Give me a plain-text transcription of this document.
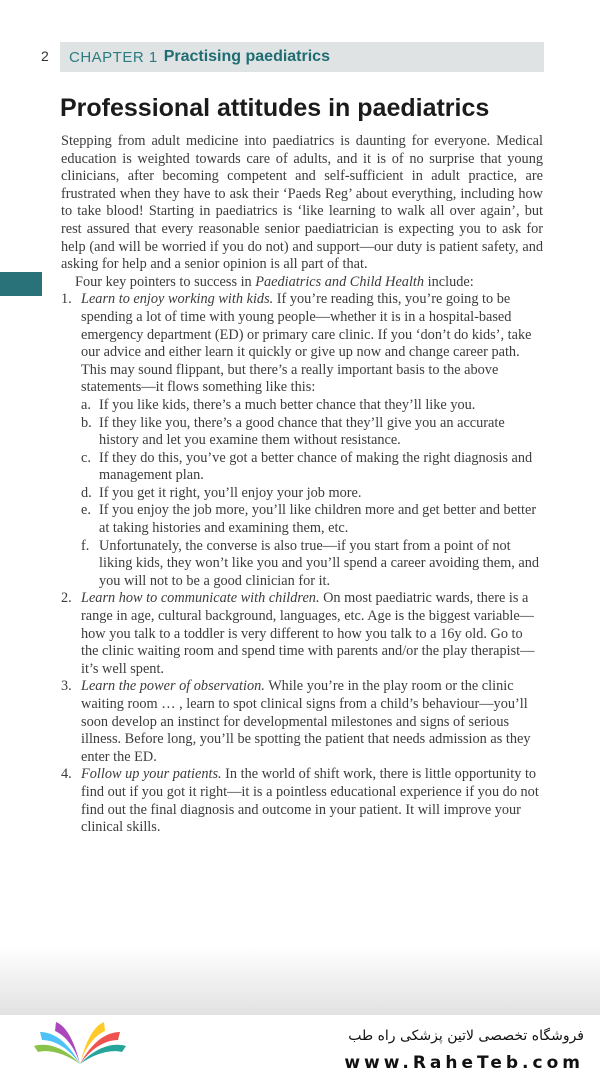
2 CHAPTER 1 Practising paediatrics
Professional attitudes in paediatrics

Stepping from adult medicine into paediatrics is daunting for everyone. Medical education is weighted towards care of adults, and it is of no surprise that young clinicians, after becoming competent and self-sufficient in adult practice, are frustrated when they have to ask their ‘Paeds Reg’ about everything, including how to take blood! Starting in paediatrics is ‘like learning to walk all over again’, but rest assured that every reasonable senior paediatrician is expecting you to ask for help (and will be worried if you do not) and support—our duty is patient safety, and asking for help and a senior opinion is all part of that.

Four key pointers to success in Paediatrics and Child Health include:

1. Learn to enjoy working with kids. If you’re reading this, you’re going to be spending a lot of time with young people—whether it is in a hospital-based emergency department (ED) or primary care clinic. If you ‘don’t do kids’, take our advice and either learn it quickly or give up now and change career path. This may sound flippant, but there’s a really important basis to the above statements—it flows something like this:
a. If you like kids, there’s a much better chance that they’ll like you.
b. If they like you, there’s a good chance that they’ll give you an accurate history and let you examine them without resistance.
c. If they do this, you’ve got a better chance of making the right diagnosis and management plan.
d. If you get it right, you’ll enjoy your job more.
e. If you enjoy the job more, you’ll like children more and get better and better at taking histories and examining them, etc.
f. Unfortunately, the converse is also true—if you start from a point of not liking kids, they won’t like you and you’ll spend a career avoiding them, and you will not to be a good clinician for it.
2. Learn how to communicate with children. On most paediatric wards, there is a range in age, cultural background, languages, etc. Age is the biggest variable—how you talk to a toddler is very different to how you talk to a 16y old. Go to the clinic waiting room and spend time with parents and/or the play therapist—it’s well spent.
3. Learn the power of observation. While you’re in the play room or the clinic waiting room … , learn to spot clinical signs from a child’s behaviour—you’ll soon develop an instinct for developmental milestones and signs of serious illness. Before long, you’ll be spotting the patient that needs admission as they enter the ED.
4. Follow up your patients. In the world of shift work, there is little opportunity to find out if you got it right—it is a pointless educational experience if you do not find out the final diagnosis and outcome in your patient. It will improve your clinical skills.
فروشگاه تخصصی لاتین پزشکی راه طب
www.RaheTeb.com
